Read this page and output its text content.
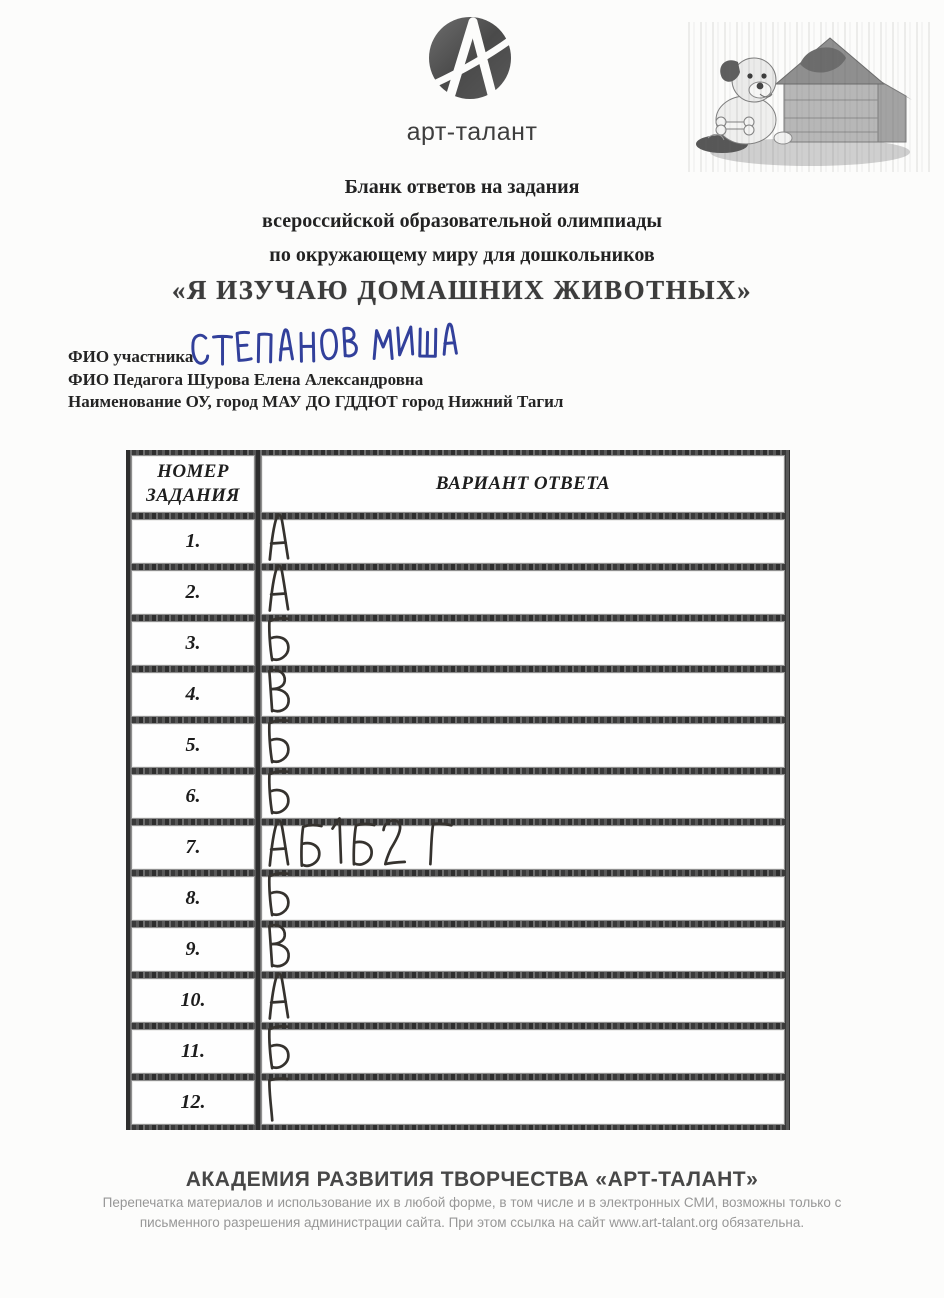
арт-талант
Бланк ответов на задания
всероссийской образовательной олимпиады
по окружающему миру для дошкольников
«Я ИЗУЧАЮ ДОМАШНИХ ЖИВОТНЫХ»
ФИО участника
ФИО Педагога Шурова Елена Александровна
Наименование ОУ, город МАУ ДО ГДДЮТ город Нижний Тагил
НОМЕР ЗАДАНИЯ
ВАРИАНТ ОТВЕТА
1.
2.
3.
4.
5.
6.
7.
8.
9.
10.
11.
12.
АКАДЕМИЯ РАЗВИТИЯ ТВОРЧЕСТВА «АРТ-ТАЛАНТ»
Перепечатка материалов и использование их в любой форме, в том числе и в электронных СМИ, возможны только с
письменного разрешения администрации сайта. При этом ссылка на сайт www.art-talant.org обязательна.
